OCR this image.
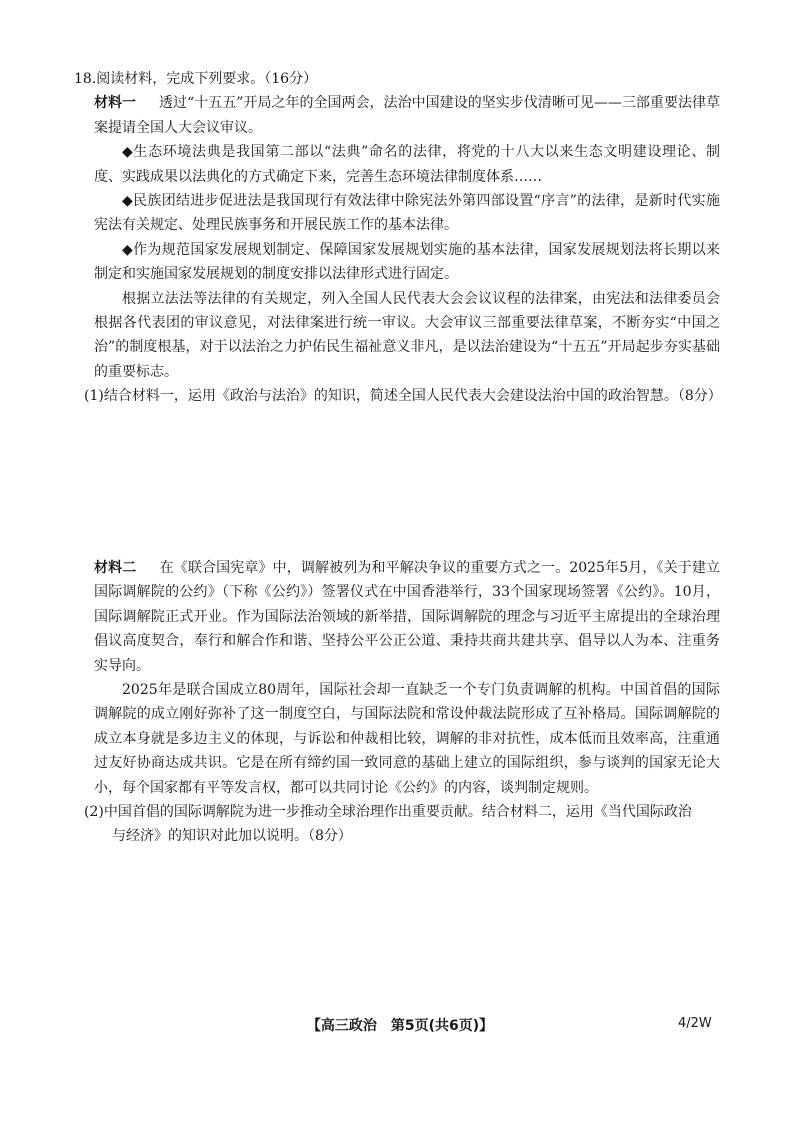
18.阅读材料，完成下列要求。（16分）

材料一 透过“十五五”开局之年的全国两会，法治中国建设的坚实步伐清晰可见——三部重要法律草案提请全国人大会议审议。

◆生态环境法典是我国第二部以“法典”命名的法律，将党的十八大以来生态文明建设理论、制度、实践成果以法典化的方式确定下来，完善生态环境法律制度体系……

◆民族团结进步促进法是我国现行有效法律中除宪法外第四部设置“序言”的法律，是新时代实施宪法有关规定、处理民族事务和开展民族工作的基本法律。

◆作为规范国家发展规划制定、保障国家发展规划实施的基本法律，国家发展规划法将长期以来制定和实施国家发展规划的制度安排以法律形式进行固定。

根据立法法等法律的有关规定，列入全国人民代表大会会议议程的法律案，由宪法和法律委员会根据各代表团的审议意见，对法律案进行统一审议。大会审议三部重要法律草案，不断夯实“中国之治”的制度根基，对于以法治之力护佑民生福祉意义非凡，是以法治建设为“十五五”开局起步夯实基础的重要标志。

(1)结合材料一，运用《政治与法治》的知识，简述全国人民代表大会建设法治中国的政治智慧。（8分）

材料二 在《联合国宪章》中，调解被列为和平解决争议的重要方式之一。2025年5月，《关于建立国际调解院的公约》（下称《公约》）签署仪式在中国香港举行，33个国家现场签署《公约》。10月，国际调解院正式开业。作为国际法治领域的新举措，国际调解院的理念与习近平主席提出的全球治理倡议高度契合，奉行和解合作和谐、坚持公平公正公道、秉持共商共建共享、倡导以人为本、注重务实导向。

2025年是联合国成立80周年，国际社会却一直缺乏一个专门负责调解的机构。中国首倡的国际调解院的成立刚好弥补了这一制度空白，与国际法院和常设仲裁法院形成了互补格局。国际调解院的成立本身就是多边主义的体现，与诉讼和仲裁相比较，调解的非对抗性，成本低而且效率高，注重通过友好协商达成共识。它是在所有缔约国一致同意的基础上建立的国际组织，参与谈判的国家无论大小，每个国家都有平等发言权，都可以共同讨论《公约》的内容，谈判制定规则。

(2)中国首倡的国际调解院为进一步推动全球治理作出重要贡献。结合材料二，运用《当代国际政治

与经济》的知识对此加以说明。（8分）

【高三政治　第5页(共6页)】	4/2W
